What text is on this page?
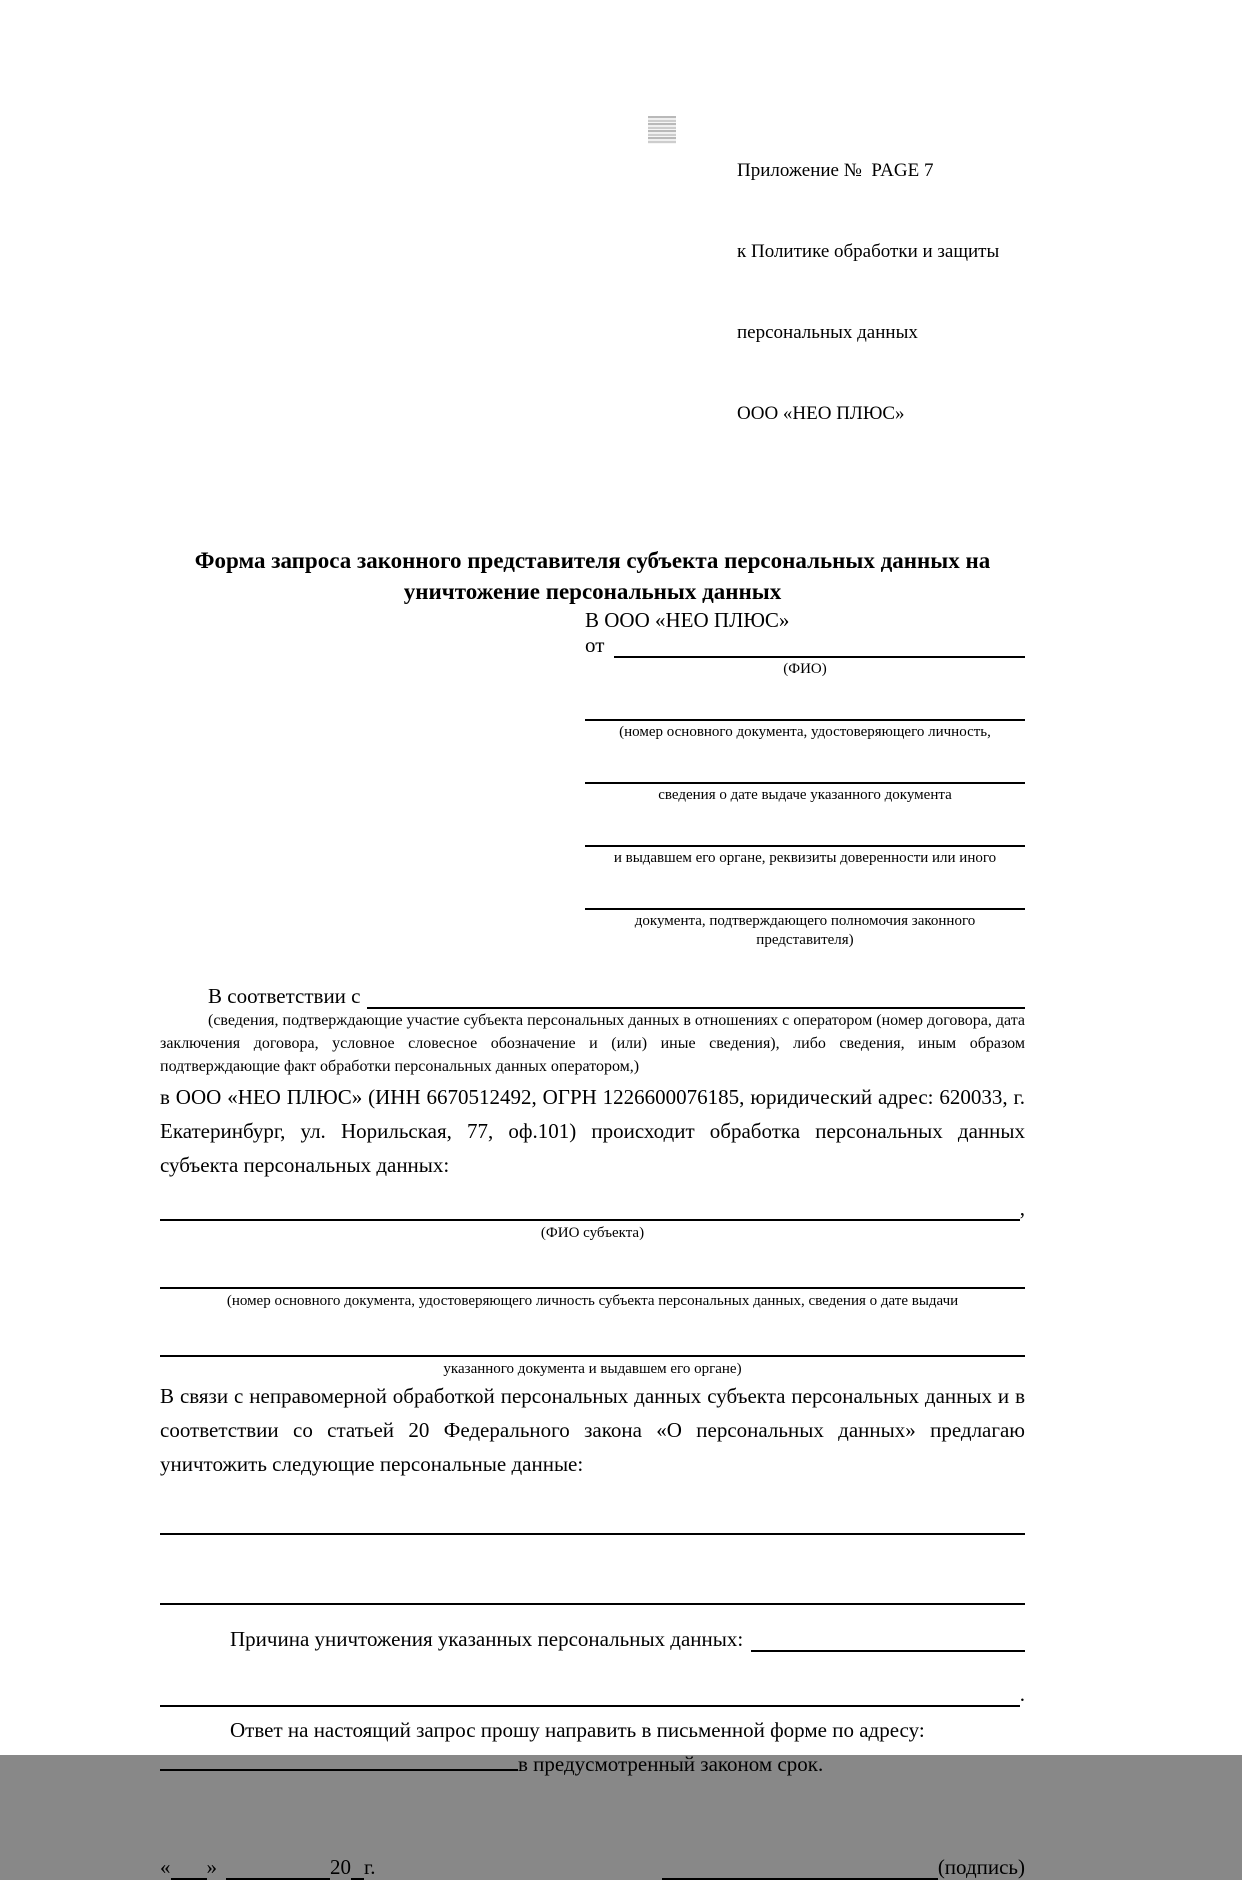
Приложение №  PAGE 7

к Политике обработки и защиты

персональных данных

ООО «НЕО ПЛЮС»

Форма запроса законного представителя субъекта персональных данных на уничтожение персональных данных
В ООО «НЕО ПЛЮС»
от
(ФИО)
(номер основного документа, удостоверяющего личность,
сведения о дате выдаче указанного документа
и выдавшем его органе, реквизиты доверенности или иного
документа, подтверждающего полномочия законного представителя)
В соответствии с
(сведения, подтверждающие участие субъекта персональных данных в отношениях с оператором (номер договора, дата заключения договора, условное словесное обозначение и (или) иные сведения), либо сведения, иным образом подтверждающие факт обработки персональных данных оператором,)

в ООО «НЕО ПЛЮС» (ИНН 6670512492, ОГРН 1226600076185, юридический адрес: 620033, г. Екатеринбург, ул. Норильская, 77, оф.101) происходит обработка персональных данных субъекта персональных данных:

,
(ФИО субъекта)
(номер основного документа, удостоверяющего личность субъекта персональных данных, сведения о дате выдачи
указанного документа и выдавшем его органе)

В связи с неправомерной обработкой персональных данных субъекта персональных данных и в соответствии со статьей 20 Федерального закона «О персональных данных» предлагаю уничтожить следующие персональные данные:

Причина уничтожения указанных персональных данных:
.
Ответ на настоящий запрос прошу направить в письменной форме по адресу:
в предусмотренный законом срок.
« »	20 г.	(подпись)
